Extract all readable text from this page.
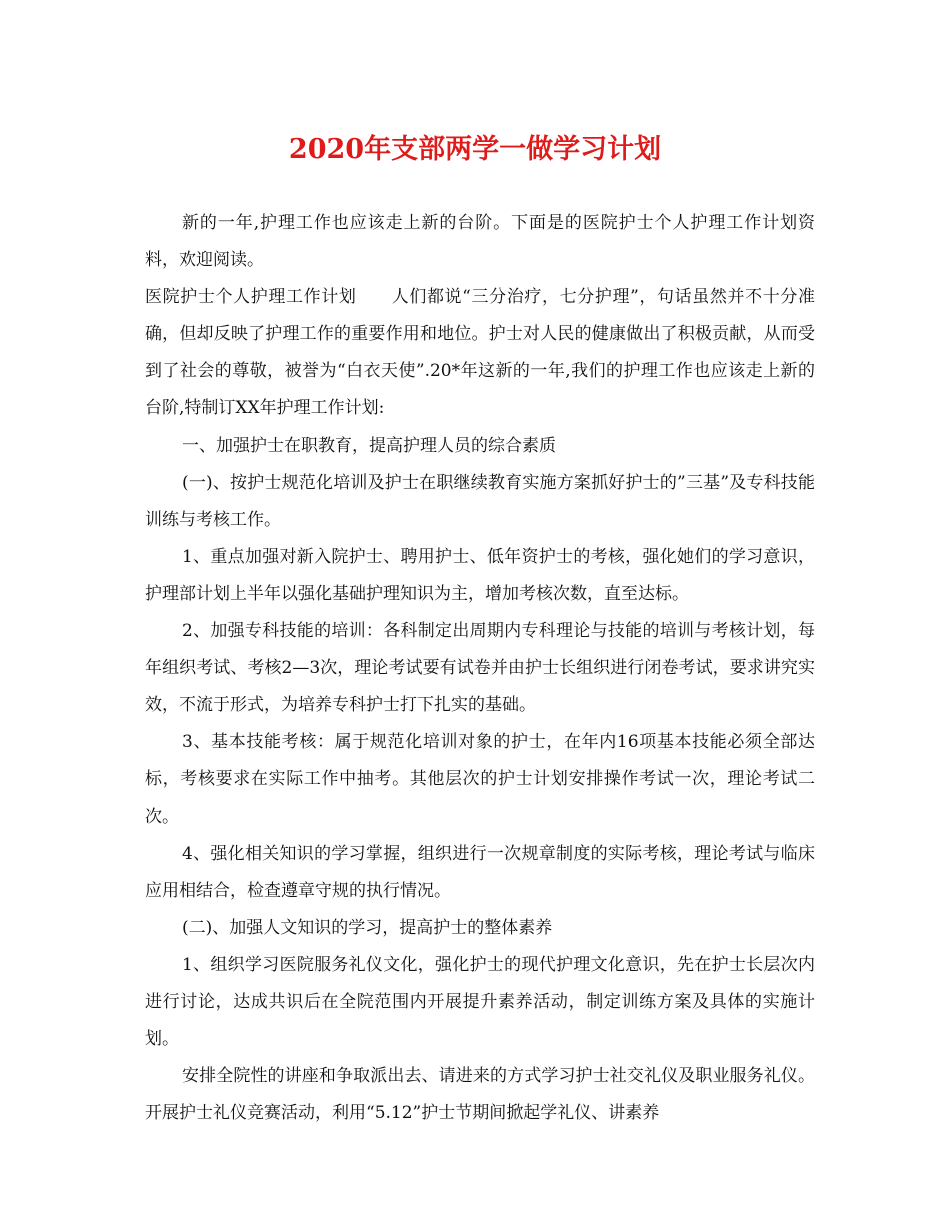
2020年支部两学一做学习计划

新的一年,护理工作也应该走上新的台阶。下面是的医院护士个人护理工作计划资料，欢迎阅读。

医院护士个人护理工作计划　　人们都说“三分治疗，七分护理”，句话虽然并不十分准确，但却反映了护理工作的重要作用和地位。护士对人民的健康做出了积极贡献，从而受到了社会的尊敬，被誉为“白衣天使”.20*年这新的一年,我们的护理工作也应该走上新的台阶,特制订XX年护理工作计划:

一、加强护士在职教育，提高护理人员的综合素质

(一)、按护士规范化培训及护士在职继续教育实施方案抓好护士的”三基”及专科技能训练与考核工作。

1、重点加强对新入院护士、聘用护士、低年资护士的考核，强化她们的学习意识，护理部计划上半年以强化基础护理知识为主，增加考核次数，直至达标。

2、加强专科技能的培训：各科制定出周期内专科理论与技能的培训与考核计划，每年组织考试、考核2—3次，理论考试要有试卷并由护士长组织进行闭卷考试，要求讲究实效，不流于形式，为培养专科护士打下扎实的基础。

3、基本技能考核：属于规范化培训对象的护士，在年内16项基本技能必须全部达标，考核要求在实际工作中抽考。其他层次的护士计划安排操作考试一次，理论考试二次。

4、强化相关知识的学习掌握，组织进行一次规章制度的实际考核，理论考试与临床应用相结合，检查遵章守规的执行情况。

(二)、加强人文知识的学习，提高护士的整体素养

1、组织学习医院服务礼仪文化，强化护士的现代护理文化意识，先在护士长层次内进行讨论，达成共识后在全院范围内开展提升素养活动，制定训练方案及具体的实施计划。

安排全院性的讲座和争取派出去、请进来的方式学习护士社交礼仪及职业服务礼仪。开展护士礼仪竞赛活动，利用“5.12”护士节期间掀起学礼仪、讲素养
